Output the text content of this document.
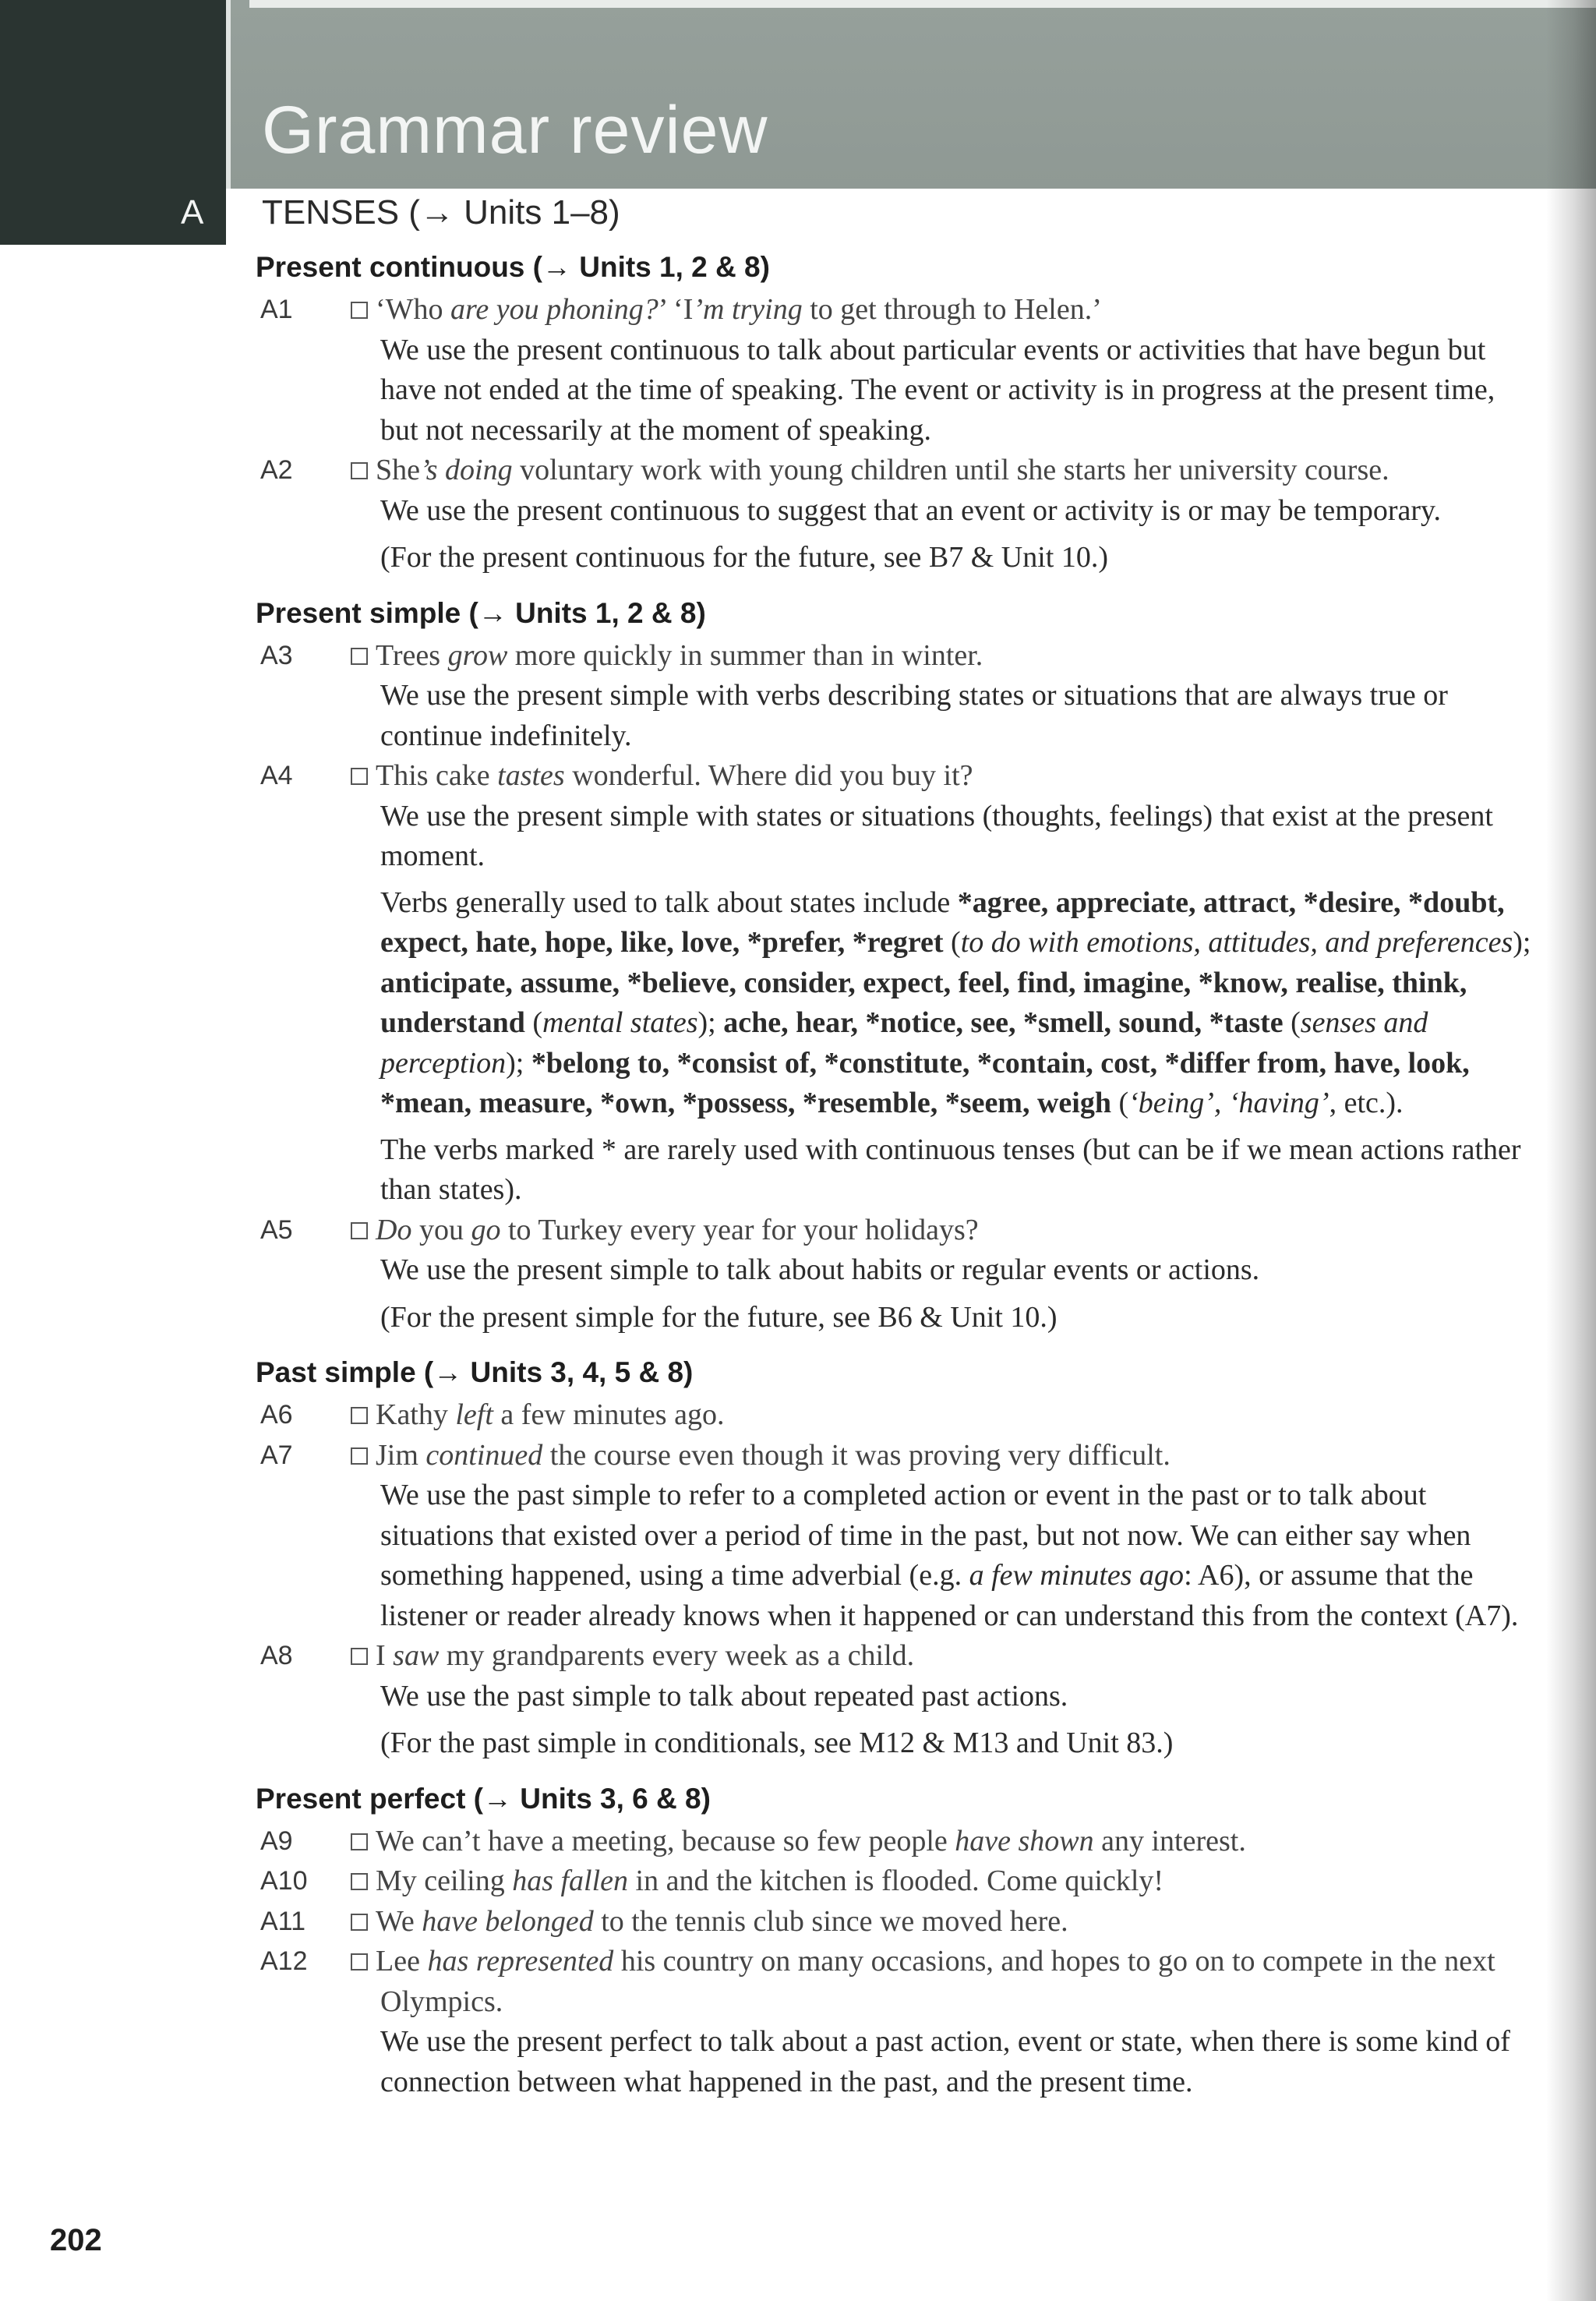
Grammar review
A TENSES (→ Units 1–8)
Present continuous (→ Units 1, 2 & 8)
A1	‘Who are you phoning?’ ‘I’m trying to get through to Helen.’

We use the present continuous to talk about particular events or activities that have begun but have not ended at the time of speaking. The event or activity is in progress at the present time, but not necessarily at the moment of speaking.

A2	She’s doing voluntary work with young children until she starts her university course.

We use the present continuous to suggest that an event or activity is or may be temporary.

(For the present continuous for the future, see B7 & Unit 10.)

Present simple (→ Units 1, 2 & 8)
A3	Trees grow more quickly in summer than in winter.

We use the present simple with verbs describing states or situations that are always true or continue indefinitely.

A4	This cake tastes wonderful. Where did you buy it?

We use the present simple with states or situations (thoughts, feelings) that exist at the present moment.

Verbs generally used to talk about states include *agree, appreciate, attract, *desire, *doubt, expect, hate, hope, like, love, *prefer, *regret (to do with emotions, attitudes, and preferences); anticipate, assume, *believe, consider, expect, feel, find, imagine, *know, realise, think, understand (mental states); ache, hear, *notice, see, *smell, sound, *taste (senses and perception); *belong to, *consist of, *constitute, *contain, cost, *differ from, have, look, *mean, measure, *own, *possess, *resemble, *seem, weigh (‘being’, ‘having’, etc.).

The verbs marked * are rarely used with continuous tenses (but can be if we mean actions rather than states).

A5	Do you go to Turkey every year for your holidays?

We use the present simple to talk about habits or regular events or actions.

(For the present simple for the future, see B6 & Unit 10.)

Past simple (→ Units 3, 4, 5 & 8)
A6	Kathy left a few minutes ago.

A7	Jim continued the course even though it was proving very difficult.

We use the past simple to refer to a completed action or event in the past or to talk about situations that existed over a period of time in the past, but not now. We can either say when something happened, using a time adverbial (e.g. a few minutes ago: A6), or assume that the listener or reader already knows when it happened or can understand this from the context (A7).

A8	I saw my grandparents every week as a child.

We use the past simple to talk about repeated past actions.

(For the past simple in conditionals, see M12 & M13 and Unit 83.)

Present perfect (→ Units 3, 6 & 8)
A9	We can’t have a meeting, because so few people have shown any interest.

A10 My ceiling has fallen in and the kitchen is flooded. Come quickly!

A11 We have belonged to the tennis club since we moved here.

A12 Lee has represented his country on many occasions, and hopes to go on to compete in the next Olympics.

We use the present perfect to talk about a past action, event or state, when there is some kind of connection between what happened in the past, and the present time.

202
